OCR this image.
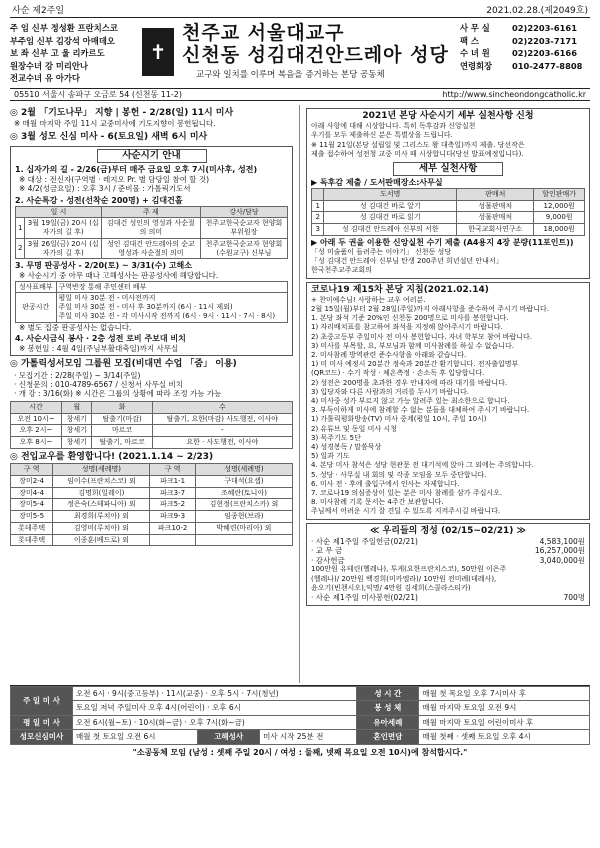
사순 제2주일	2021.02.28.(제2049호)
주 임 신부 정성환 프란치스코
부주임 신부 김강석 아매데오
보 좌 신부 고 울 리카르도
원장수녀 강 미리안나
전교수녀 유 아가다
✝
천주교 서울대교구
신천동 성김대건안드레아 성당
교구와 일치를 이루며 복음을 증거하는 본당 공동체
사 무 실	02)2203-6161
팩 스	02)2203-7171
수 녀 원	02)2203-6166
연령회장	010-2477-8808
05510 서울시 송파구 오금로 54 (신천동 11-2)	http://www.sincheondongcatholic.kr
◎ 2월 「기도나무」 지향 | 봉헌 - 2/28(일) 11시 미사
※ 매월 마지막 주일 11시 교중미사에 기도지향이 봉헌됩니다.
◎ 3월 성모 신심 미사 - 6(토요일) 새벽 6시 미사
사순시기 안내
1. 십자가의 길 - 2/26(금)부터 매주 금요일 오후 7시(미사후, 성전)
※ 대상 : 전신자(구역별 · 레지오 Pr. 별 담당일 참여 할 것)
※ 4/2(성금요일) : 오후 3시 / 준비물 : 가톨릭기도서
2. 사순특강 - 성전(선착순 200명) + 김대건홀
일 시		주 제	강사/담당
1	3월 19일(금) 20시 (십자가의 길 후)	김대건 성인의 영성과 사순절의 의미	천주교한국순교자 현양회 부위원장
2	3월 26일(금) 20시 (십자가의 길 후)	성인 김대건 안드레아의 순교영성과 사순절의 의미	천주교한국순교자 현양회(수원교구) 신부님
3. 무명 판공성사 - 2/20(토) ~ 3/31(수) 고해소
※ 사순시기 중 아무 때나 고해성사는 판공성사에 해당합니다.
성사표배부	구역반장 통해 주민센터 배부
판공시간	평일 미사 30분 전 - 미사전까지
주일 미사 30분 전 - 미사 후 30분까지 (6시 · 11시 제외)
주일 미사 30분 전 - 각 미사시작 전까지 (6시 · 9시 · 11시 · 7시 · 8시)
※ 별도 집중 판공성사는 없습니다.
4. 사순시금식 봉사 · 2층 성전 로비 주보대 비치
※ 봉헌일 : 4월 4일(주님부활대축일)까지 사무실
◎ 가톨릭성서모임 그룹원 모집(비대면 수업 「줌」 이용)
· 모집기간 : 2/28(주일) ~ 3/14(주일)
· 신청문의 : 010-4789-6567 / 신청서 사무실 비치
· 개 강 : 3/16(화) ※ 시간은 그룹의 상황에 따라 조정 가능 가능
시간	월	화	수
오전 10시~	창세기	탈출기(마감)	탈출기, 요한(마감) 사도행전, 이사야
오후 2시~	창세기	마르코	-
오후 8시~	창세기	탈출기, 마르코	요한 · 사도행전, 이사야
◎ 전입교우를 환영합니다! (2021.1.14 ~ 2/23)
구 역	성명(세례명)	구 역	성명(세례명)
장미2-4	임이수(프란치스코) 외	파크1-1	구대석(요셉)
장미4-4	김명희(일레이)	파크3-7	조혜란(토니아)
장미5-4	정은숙(스테파니아) 외	파크5-2	김현정(프란치스카) 외
장미5-5	최경희(루치아) 외	파크9-3	임종현(브라)
롯데주택	김영미(루치아) 외	파크10-2	박혜련(마리아) 외
롯데주택	이종훈(베드로) 외		
2021년 본당 사순시기 세부 실천사항 신청
아래 사항에 대해 시상합니다. 특히 독후감과 신앙실천
우기를 모두 제출하신 분은 특별상을 드립니다.
※ 11월 21일(본당 설립일 및 그리스도 왕 대축일)까지 제출. 당선작은
제출 접수하여 성전청 교중 미사 때 시상합니다(당선 발표예정입니다).
세부 실천사항
▶ 독후감 제출 / 도서판매장소:사무실
	도서명	판매처	할인판매가
1	성 김대건 바로 알기	성물판매처	12,000원
2	성 김대건 바로 읽기	성물판매처	9,000원
3	성 김대건 안드레아 신부의 서한	한국교회사연구소	18,000원
▶ 아래 두 권을 이용한 신앙실천 수기 제출 (A4용지 4장 분량(11포인트))
「성 미술품이 들려주는 이야기」 신천동 성당
「성 김대건 안드레아 신부님 탄생 200주년 희년설년 안내서」
한국천주교주교회의
코로나19 제15차 본당 지침(2021.02.14)
+ 찬미예수님! 사랑하는 교우 여러분.
2월 15일(월)부터 2월 28일(주일)까지 아래사항을 준수하여 주시기 바랍니다.
1. 본당 좌석 기준 20%인 신천동 200명으로 미사를 봉헌합니다.
1) 자리배치표를 참고하여 좌석을 지정해 앉아주시기 바랍니다.
2) 초중고등부 주일미사 전 미사 봉헌합니다. 자녀 학부모 참여 바랍니다.
3) 미사를 부목할, 요, 부모님과 함께 미사참례를 하실 수 없습니다.
2. 미사참례 방역관련 준수사항을 아래와 같습니다.
1) 미 미사 예정시 20분간 정숙과 20분간 환기합니다. 전자출입명부
(QR코드) · 수기 작성 · 체온측정 · 손소독 후 입당합니다.
2) 성전은 200명을 초과한 경우 안내자에 따라 대기를 바랍니다.
3) 입당자와 다른 사람과의 거리를 두시기 바랍니다.
4) 미사중 성가 부르지 않고 가능 알려주 있는 최소한으로 합니다.
3. 부득이하게 미사에 참례할 수 없는 분들을 대체하여 주시기 바랍니다.
1) 가톨릭평화방송(TV) 미사 중계(평일 10시, 주일 10시)
2) 유튜브 및 동일 미사 시청
3) 묵주기도 5단
4) 성경봉독 / 말씀묵상
5) 일과 기도
4. 본당 미사 참석은 성당 현관문 전 대기석에 앉아 그 외에는 주의합니다.
5. 성당 · 사무실 내 회의 및 각종 모임을 모두 중단합니다.
6. 미사 전 · 후에 출입구에서 인사는 자제합니다.
7. 코로나19 의심증상이 있는 분은 미사 참례를 삼가 주십시오.
8. 미사참례 기록 문서는 4주간 보관합니다.
주님께서 어려운 시기 잘 견딜 수 있도록 지켜주시길 바랍니다.
≪ 우리들의 정성 (02/15~02/21) ≫
· 사순 제1주일 주일헌금(02/21)	4,583,100원
· 교 무 금	16,257,000원
· 감사헌금	3,040,000원
100만원 유테린(헬레나), 투게(요한프란치스코), 50만원 이은주
(헬레나)/ 20만원 백경희(미카엘라)/ 10만원 전미례(데레사),
윤오기(빈첸시오),익명/ 4만원 김세희(스콜라스티카)
· 사순 제1주일 미사봉헌(02/21)	700명
주 일 미 사	오전 6시 · 9시(중고등부) · 11시(교중) · 오후 5시 · 7시(청년)			성 시 간	매월 첫 목요일 오후 7시미사 후
	토요일 저녁 주일미사 오후 4시(어린이) · 오후 6시			봉 성 체	매월 마지막 토요일 오전 9시
평 일 미 사	오전 6시(월~토) · 10시(화~금) · 오후 7시(화~금)			유아세례	매월 마지막 토요일 어린이미사 후
성모신심미사	매월 첫 토요일 오전 6시	고해성사	미사 시작 25분 전	혼인면담	매월 첫째 · 셋째 토요일 오후 4시
"소공동체 모임 (남성 : 셋째 주일 20시 / 여성 : 둘째, 넷째 목요일 오전 10시)에 참석합시다."
